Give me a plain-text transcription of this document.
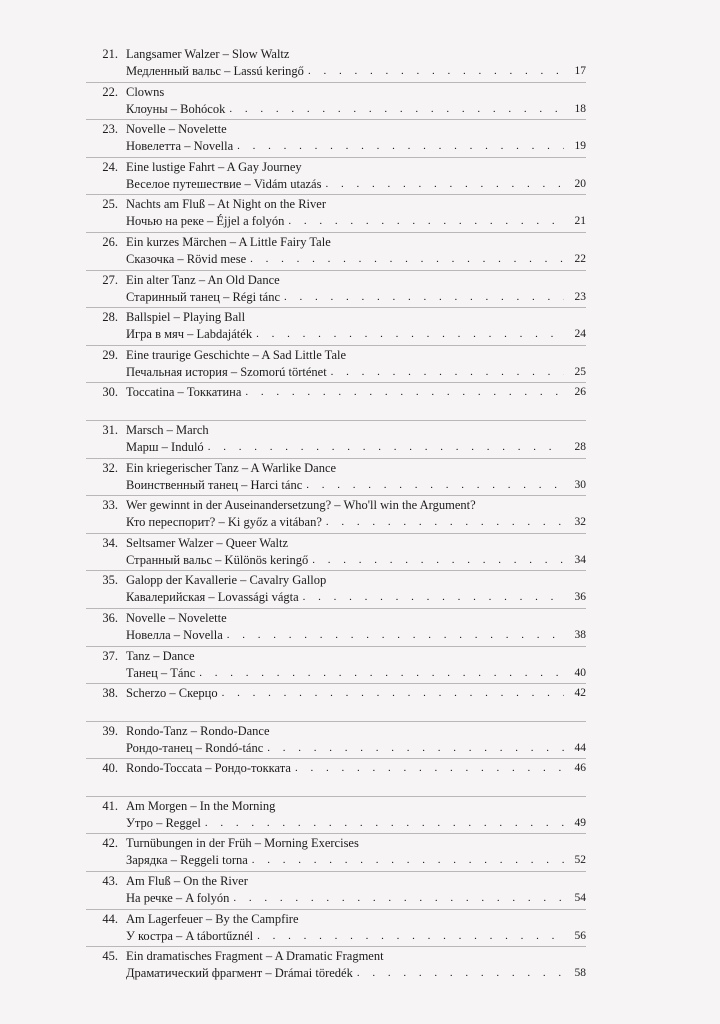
21. Langsamer Walzer – Slow Waltz
Медленный вальс – Lassú keringő . . .	17
22. Clowns
Клоуны – Bohócok . . .	18
23. Novelle – Novelette
Новелетта – Novella . . .	19
24. Eine lustige Fahrt – A Gay Journey
Веселое путешествие – Vidám utazás . . .	20
25. Nachts am Fluß – At Night on the River
Ночью на реке – Éjjel a folyón . . .	21
26. Ein kurzes Märchen – A Little Fairy Tale
Сказочка – Rövid mese . . .	22
27. Ein alter Tanz – An Old Dance
Старинный танец – Régi tánc . . .	23
28. Ballspiel – Playing Ball
Игра в мяч – Labdajáték . . .	24
29. Eine traurige Geschichte – A Sad Little Tale
Печальная история – Szomorú történet . . .	25
30. Toccatina – Токкатина . . .	26
31. Marsch – March
Марш – Induló . . .	28
32. Ein kriegerischer Tanz – A Warlike Dance
Воинственный танец – Harci tánc . . .	30
33. Wer gewinnt in der Auseinandersetzung? – Who'll win the Argument?
Кто переспорит? – Ki győz a vitában? . . .	32
34. Seltsamer Walzer – Queer Waltz
Странный вальс – Különös keringő . . .	34
35. Galopp der Kavallerie – Cavalry Gallop
Кавалерийская – Lovassági vágta . . .	36
36. Novelle – Novelette
Новелла – Novella . . .	38
37. Tanz – Dance
Танец – Tánc . . .	40
38. Scherzo – Скерцо . . .	42
39. Rondo-Tanz – Rondo-Dance
Рондо-танец – Rondó-tánc . . .	44
40. Rondo-Toccata – Рондо-токката . . .	46
41. Am Morgen – In the Morning
Утро – Reggel . . .	49
42. Turnübungen in der Früh – Morning Exercises
Зарядка – Reggeli torna . . .	52
43. Am Fluß – On the River
На речке – A folyón . . .	54
44. Am Lagerfeuer – By the Campfire
У костра – A tábortűznél . . .	56
45. Ein dramatisches Fragment – A Dramatic Fragment
Драматический фрагмент – Drámai töredék . . .	58
